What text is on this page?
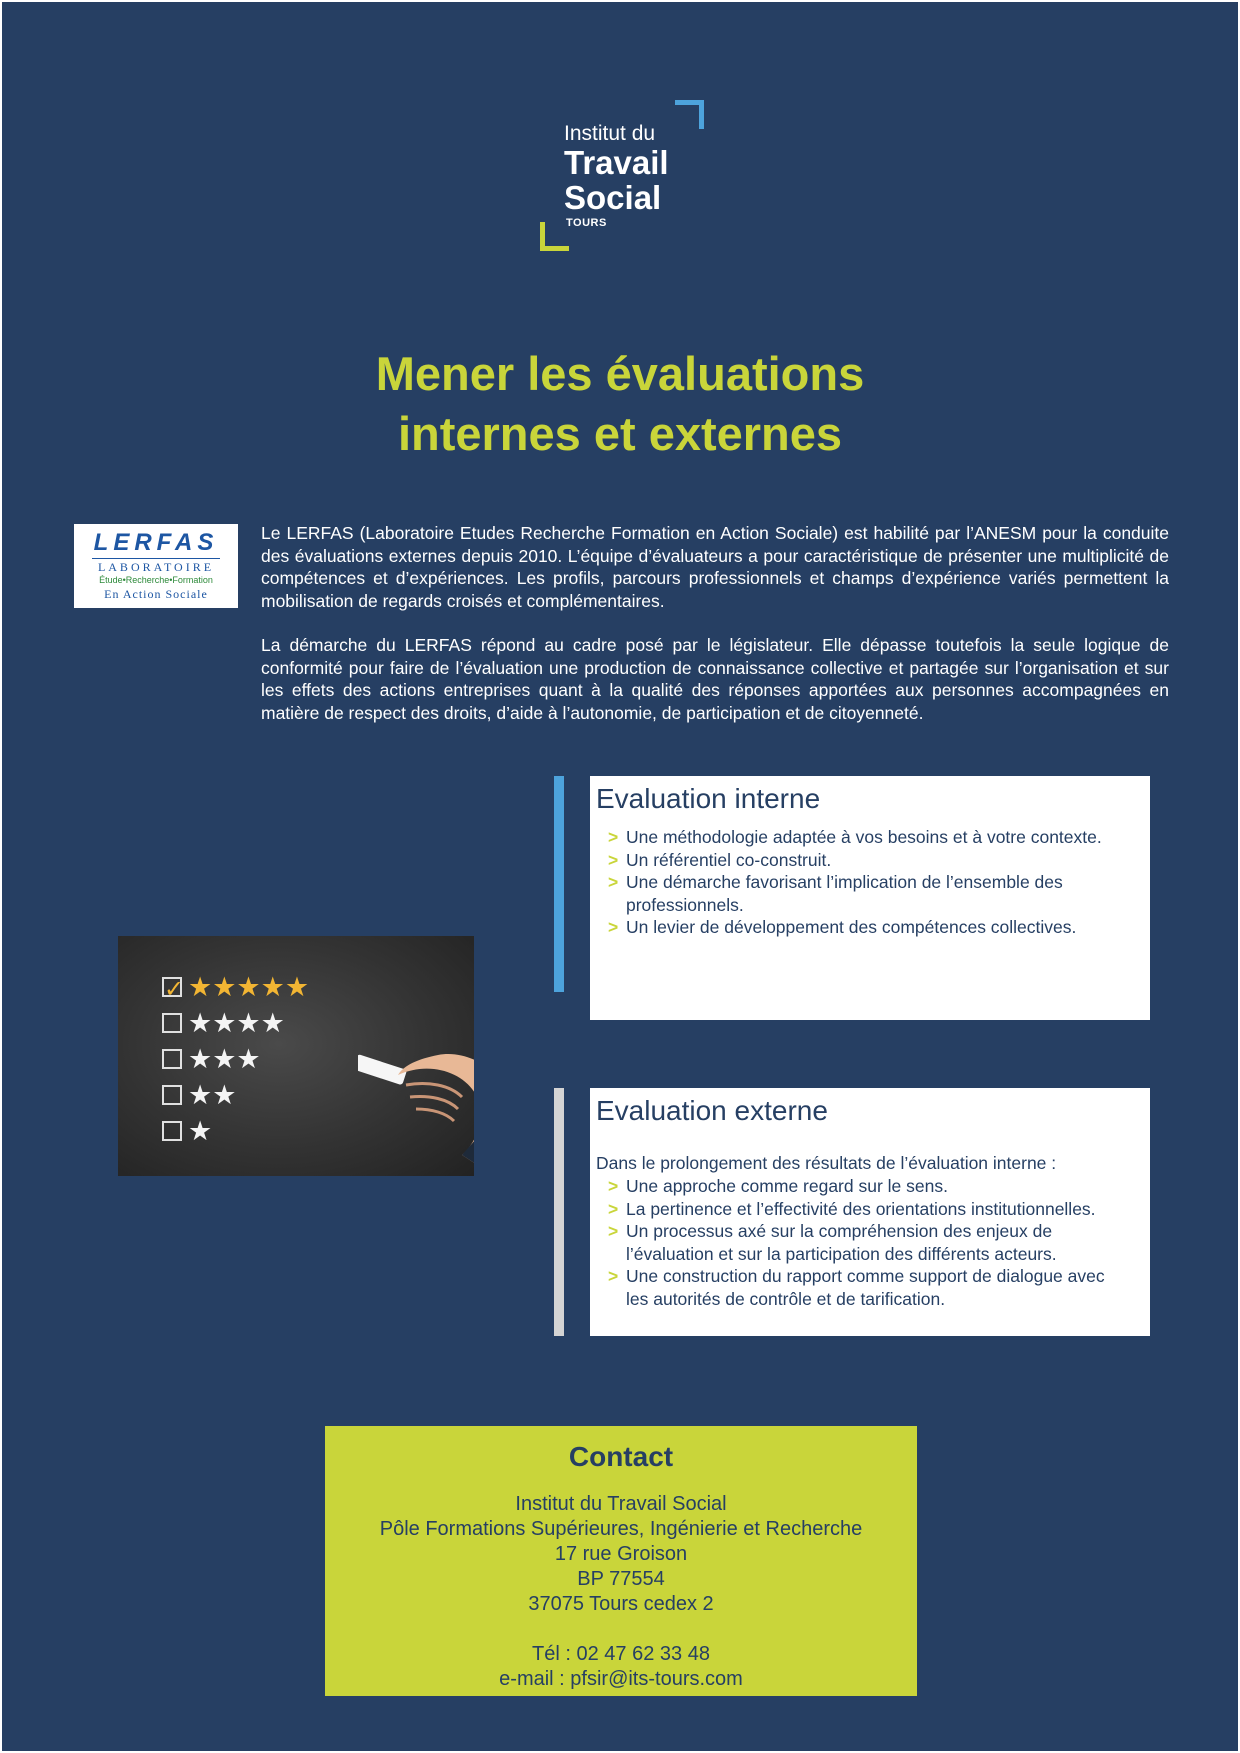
Institut du
Travail
Social
TOURS
Mener les évaluations
internes et externes
LERFAS
LABORATOIRE
Étude•Recherche•Formation
En Action Sociale

Le LERFAS (Laboratoire Etudes Recherche Formation en Action Sociale) est habilité par l’ANESM pour la conduite des évaluations externes depuis 2010. L’équipe d’évaluateurs a pour caractéristique de présenter une multiplicité de compétences et d’expériences. Les profils, parcours professionnels et champs d’expérience variés permettent la mobilisation de regards croisés et complémentaires.

La démarche du LERFAS répond au cadre posé par le législateur. Elle dépasse toutefois la seule logique de conformité pour faire de l’évaluation une production de connaissance collective et partagée sur l’organisation et sur les effets des actions entreprises quant à la qualité des réponses apportées aux personnes accompagnées en matière de respect des droits, d’aide à l’autonomie, de participation et de citoyenneté.

Evaluation interne
> Une méthodologie adaptée à vos besoins et à votre contexte.
> Un référentiel co-construit.
> Une démarche favorisant l’implication de l’ensemble des professionnels.
> Un levier de développement des compétences collectives.
✓ ★★★★★
★★★★
★★★
★★
★
Evaluation externe
Dans le prolongement des résultats de l’évaluation interne :
> Une approche comme regard sur le sens.
> La pertinence et l’effectivité des orientations institutionnelles.
> Un processus axé sur la compréhension des enjeux de l’évaluation et sur la participation des différents acteurs.
> Une construction du rapport comme support de dialogue avec les autorités de contrôle et de tarification.
Contact
Institut du Travail Social
Pôle Formations Supérieures, Ingénierie et Recherche
17 rue Groison
BP 77554
37075 Tours cedex 2
Tél : 02 47 62 33 48
e-mail : pfsir@its-tours.com
